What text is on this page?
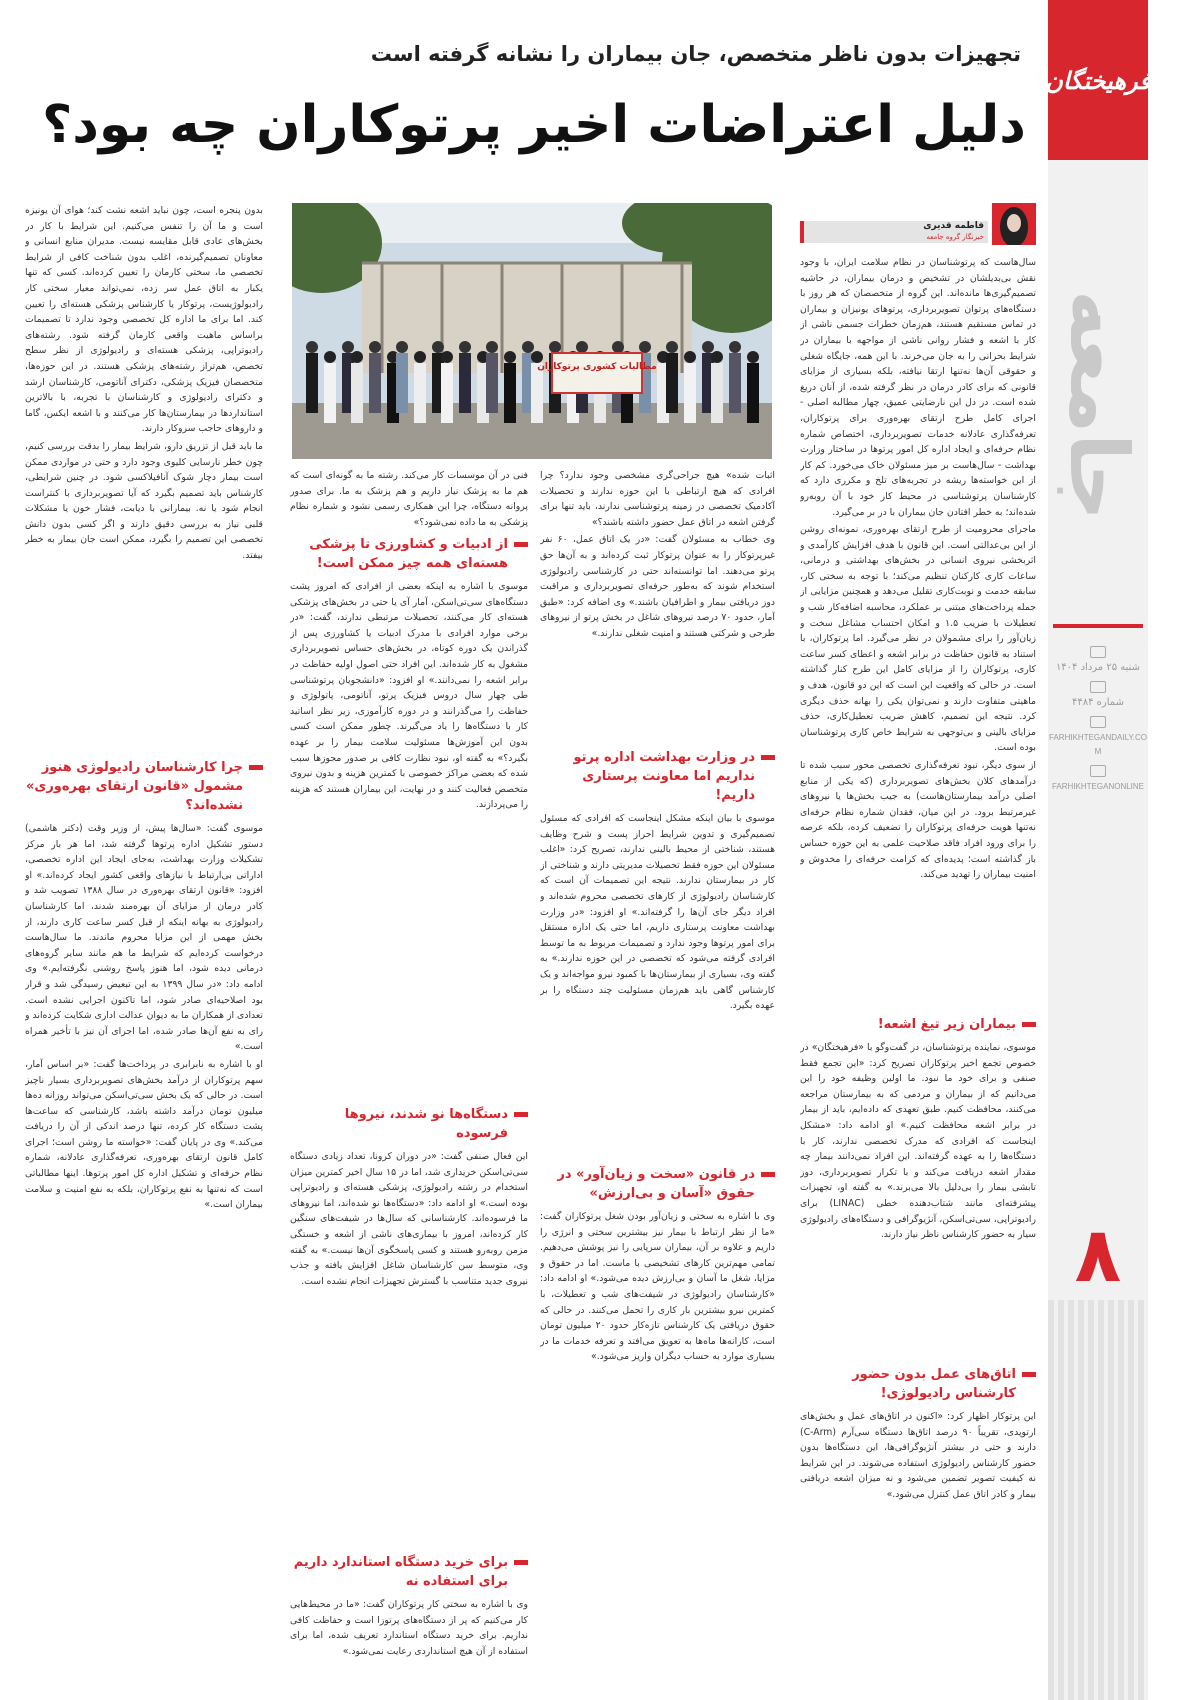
فرهیختگان
جامعه
شنبه ۲۵ مرداد ۱۴۰۴
شماره ۴۴۸۴
FARHIKHTEGANDAILY.COM
FARHIKHTEGANONLINE
۸
تجهیزات بدون ناظر متخصص، جان بیماران را نشانه گرفته است
دلیل اعتراضات اخیر پرتوکاران چه بود؟
مطالبات کشوری پرتوکاران
فاطمه قدیری
خبرنگار گروه جامعه

سال‌هاست که پرتوشناسان در نظام سلامت ایران، با وجود نقش بی‌بدیلشان در تشخیص و درمان بیماران، در حاشیه تصمیم‌گیری‌ها مانده‌اند. این گروه از متخصصان که هر روز با دستگاه‌های پرتوان تصویربرداری، پرتوهای یونیزان و بیماران در تماس مستقیم هستند، هم‌زمان خطرات جسمی ناشی از کار با اشعه و فشار روانی ناشی از مواجهه با بیماران در شرایط بحرانی را به جان می‌خرند. با این همه، جایگاه شغلی و حقوقی آن‌ها نه‌تنها ارتقا نیافته، بلکه بسیاری از مزایای قانونی که برای کادر درمان در نظر گرفته شده، از آنان دریغ شده است. در دل این نارضایتی عمیق، چهار مطالبه اصلی - اجرای کامل طرح ارتقای بهره‌وری برای پرتوکاران، تعرفه‌گذاری عادلانه خدمات تصویربرداری، اختصاص شماره نظام حرفه‌ای و ایجاد اداره کل امور پرتوها در ساختار وزارت بهداشت - سال‌هاست بر میز مسئولان خاک می‌خورد. کم کار از این خواسته‌ها ریشه در تجربه‌های تلخ و مکرری دارد که کارشناسان پرتوشناسی در محیط کار خود با آن روبه‌رو شده‌اند؛ به خطر افتادن جان بیماران با در بر می‌گیرد.

ماجرای محرومیت از طرح ارتقای بهره‌وری، نمونه‌ای روشن از این بی‌عدالتی است. این قانون با هدف افزایش کارآمدی و اثربخشی نیروی انسانی در بخش‌های بهداشتی و درمانی، ساعات کاری کارکنان تنظیم می‌کند؛ با توجه به سختی کار، سابقه خدمت و نوبت‌کاری تقلیل می‌دهد و همچنین مزایایی از جمله پرداخت‌های مبتنی بر عملکرد، محاسبه اضافه‌کار شب و تعطیلات با ضریب ۱.۵ و امکان احتساب مشاغل سخت و زیان‌آور را برای مشمولان در نظر می‌گیرد. اما پرتوکاران، با استناد به قانون حفاظت در برابر اشعه و اعطای کسر ساعت کاری، پرتوکاران را از مزایای کامل این طرح کنار گذاشته است. در حالی که واقعیت این است که این دو قانون، هدف و ماهیتی متفاوت دارند و نمی‌توان یکی را بهانه حذف دیگری کرد. نتیجه این تصمیم، کاهش ضریب تعطیل‌کاری، حذف مزایای بالینی و بی‌توجهی به شرایط خاص کاری پرتوشناسان بوده است.

از سوی دیگر، نبود تعرفه‌گذاری تخصصی محور سبب شده تا درآمدهای کلان بخش‌های تصویربرداری (که یکی از منابع اصلی درآمد بیمارستان‌هاست) به جیب بخش‌ها یا نیروهای غیرمرتبط برود. در این میان، فقدان شماره نظام حرفه‌ای نه‌تنها هویت حرفه‌ای پرتوکاران را تضعیف کرده، بلکه عرصه را برای ورود افراد فاقد صلاحیت علمی به این حوزه حساس باز گذاشته است؛ پدیده‌ای که کرامت حرفه‌ای را مخدوش و امنیت بیماران را تهدید می‌کند.

بیماران زیر تیغ اشعه!

موسوی، نماینده پرتوشناسان، در گفت‌وگو با «فرهیختگان» در خصوص تجمع اخیر پرتوکاران تصریح کرد: «این تجمع فقط صنفی و برای خود ما نبود. ما اولین وظیفه خود را این می‌دانیم که از بیماران و مردمی که به بیمارستان مراجعه می‌کنند، محافظت کنیم. طبق تعهدی که داده‌ایم، باید از بیمار در برابر اشعه محافظت کنیم.» او ادامه داد: «مشکل اینجاست که افرادی که مدرک تخصصی ندارند، کار با دستگاه‌ها را به عهده گرفته‌اند. این افراد نمی‌دانند بیمار چه مقدار اشعه دریافت می‌کند و با تکرار تصویربرداری، دوز تابشی بیمار را بی‌دلیل بالا می‌برند.» به گفته او، تجهیزات پیشرفته‌ای مانند شتاب‌دهنده خطی (LINAC) برای رادیوتراپی، سی‌تی‌اسکن، آنژیوگرافی و دستگاه‌های رادیولوژی سیار به حضور کارشناس ناظر نیاز دارند.

اتاق‌های عمل بدون حضور کارشناس رادیولوژی!

این پرتوکار اظهار کرد: «اکنون در اتاق‌های عمل و بخش‌های ارتوپدی، تقریباً ۹۰ درصد اتاق‌ها دستگاه سی‌آرم (C-Arm) دارند و حتی در بیشتر آنژیوگرافی‌ها، این دستگاه‌ها بدون حضور کارشناس رادیولوژی استفاده می‌شوند. در این شرایط نه کیفیت تصویر تضمین می‌شود و نه میزان اشعه دریافتی بیمار و کادر اتاق عمل کنترل می‌شود.»

اثبات شده» هیچ جراحی‌گری مشخصی وجود ندارد؟ چرا افرادی که هیچ ارتباطی با این حوزه ندارند و تحصیلات آکادمیک تخصصی در زمینه پرتوشناسی ندارند، باید تنها برای گرفتن اشعه در اتاق عمل حضور داشته باشند؟»

وی خطاب به مسئولان گفت: «در یک اتاق عمل، ۶۰ نفر غیرپرتوکار را به عنوان پرتوکار ثبت کرده‌اند و به آن‌ها حق پرتو می‌دهند. اما توانسته‌اند حتی در کارشناسی رادیولوژی استخدام شوند که به‌طور حرفه‌ای تصویربرداری و مراقبت دوز دریافتی بیمار و اطرافیان باشند.» وی اضافه کرد: «طبق آمار، حدود ۷۰ درصد نیروهای شاغل در بخش پرتو از نیروهای طرحی و شرکتی هستند و امنیت شغلی ندارند.»

در وزارت بهداشت اداره پرتو نداریم اما معاونت پرستاری داریم!

موسوی با بیان اینکه مشکل اینجاست که افرادی که مسئول تصمیم‌گیری و تدوین شرایط احراز پست و شرح وظایف هستند، شناختی از محیط بالینی ندارند، تصریح کرد: «اغلب مسئولان این حوزه فقط تحصیلات مدیریتی دارند و شناختی از کار در بیمارستان ندارند. نتیجه این تصمیمات آن است که کارشناسان رادیولوژی از کارهای تخصصی محروم شده‌اند و افراد دیگر جای آن‌ها را گرفته‌اند.» او افزود: «در وزارت بهداشت معاونت پرستاری داریم، اما حتی یک اداره مستقل برای امور پرتوها وجود ندارد و تصمیمات مربوط به ما توسط افرادی گرفته می‌شود که تخصصی در این حوزه ندارند.» به گفته وی، بسیاری از بیمارستان‌ها با کمبود نیرو مواجه‌اند و یک کارشناس گاهی باید هم‌زمان مسئولیت چند دستگاه را بر عهده بگیرد.

در قانون «سخت و زیان‌آور» در حقوق «آسان و بی‌ارزش»

وی با اشاره به سختی و زیان‌آور بودن شغل پرتوکاران گفت: «ما از نظر ارتباط با بیمار نیز بیشترین سختی و انرژی را داریم و علاوه بر آن، بیماران سرپایی را نیز پوشش می‌دهیم. تمامی مهم‌ترین کارهای تشخیصی با ماست. اما در حقوق و مزایا، شغل ما آسان و بی‌ارزش دیده می‌شود.» او ادامه داد: «کارشناسان رادیولوژی در شیفت‌های شب و تعطیلات، با کمترین نیرو بیشترین بار کاری را تحمل می‌کنند. در حالی که حقوق دریافتی یک کارشناس تازه‌کار حدود ۲۰ میلیون تومان است، کارانه‌ها ماه‌ها به تعویق می‌افتد و تعرفه خدمات ما در بسیاری موارد به حساب دیگران واریز می‌شود.»

فنی در آن موسسات کار می‌کند. رشته ما به گونه‌ای است که هم ما به پزشک نیاز داریم و هم پزشک به ما. برای صدور پروانه دستگاه، چرا این همکاری رسمی نشود و شماره نظام پزشکی به ما داده نمی‌شود؟»

از ادبیات و کشاورزی تا پزشکی هسته‌ای همه چیز ممکن است!

موسوی با اشاره به اینکه بعضی از افرادی که امروز پشت دستگاه‌های سی‌تی‌اسکن، آمار آی یا حتی در بخش‌های پزشکی هسته‌ای کار می‌کنند، تحصیلات مرتبطی ندارند، گفت: «در برخی موارد افرادی با مدرک ادبیات یا کشاورزی پس از گذراندن یک دوره کوتاه، در بخش‌های حساس تصویربرداری مشغول به کار شده‌اند. این افراد حتی اصول اولیه حفاظت در برابر اشعه را نمی‌دانند.» او افزود: «دانشجویان پرتوشناسی طی چهار سال دروس فیزیک پرتو، آناتومی، پاتولوژی و حفاظت را می‌گذرانند و در دوره کارآموزی، زیر نظر اساتید کار با دستگاه‌ها را یاد می‌گیرند. چطور ممکن است کسی بدون این آموزش‌ها مسئولیت سلامت بیمار را بر عهده بگیرد؟» به گفته او، نبود نظارت کافی بر صدور مجوزها سبب شده که بعضی مراکز خصوصی با کمترین هزینه و بدون نیروی متخصص فعالیت کنند و در نهایت، این بیماران هستند که هزینه را می‌پردازند.

دستگاه‌ها نو شدند، نیروها فرسوده

این فعال صنفی گفت: «در دوران کرونا، تعداد زیادی دستگاه سی‌تی‌اسکن خریداری شد، اما در ۱۵ سال اخیر کمترین میزان استخدام در رشته رادیولوژی، پزشکی هسته‌ای و رادیوتراپی بوده است.» او ادامه داد: «دستگاه‌ها نو شده‌اند، اما نیروهای ما فرسوده‌اند. کارشناسانی که سال‌ها در شیفت‌های سنگین کار کرده‌اند، امروز با بیماری‌های ناشی از اشعه و خستگی مزمن روبه‌رو هستند و کسی پاسخگوی آن‌ها نیست.» به گفته وی، متوسط سن کارشناسان شاغل افزایش یافته و جذب نیروی جدید متناسب با گسترش تجهیزات انجام نشده است.

برای خرید دستگاه استاندارد داریم برای استفاده نه

وی با اشاره به سختی کار پرتوکاران گفت: «ما در محیط‌هایی کار می‌کنیم که پر از دستگاه‌های پرتوزا است و حفاظت کافی نداریم. برای خرید دستگاه استاندارد تعریف شده، اما برای استفاده از آن هیچ استانداردی رعایت نمی‌شود.»

بدون پنجره است، چون نباید اشعه نشت کند؛ هوای آن یونیزه است و ما آن را تنفس می‌کنیم. این شرایط با کار در بخش‌های عادی قابل مقایسه نیست. مدیران منابع انسانی و معاونان تصمیم‌گیرنده، اغلب بدون شناخت کافی از شرایط تخصصی ما، سختی کارمان را تعیین کرده‌اند. کسی که تنها یکبار به اتاق عمل سر زده، نمی‌تواند معیار سختی کار رادیولوژیست، پرتوکار یا کارشناس پزشکی هسته‌ای را تعیین کند. اما برای ما اداره کل تخصصی وجود ندارد تا تصمیمات براساس ماهیت واقعی کارمان گرفته شود. رشته‌های رادیوتراپی، پزشکی هسته‌ای و رادیولوژی از نظر سطح تخصص، هم‌تراز رشته‌های پزشکی هستند. در این حوزه‌ها، متخصصان فیزیک پزشکی، دکترای آناتومی، کارشناسان ارشد و دکترای رادیولوژی و کارشناسان با تجربه، با بالاترین استانداردها در بیمارستان‌ها کار می‌کنند و با اشعه ایکس، گاما و داروهای حاجب سروکار دارند.

ما باید قبل از تزریق دارو، شرایط بیمار را بدقت بررسی کنیم، چون خطر نارسایی کلیوی وجود دارد و حتی در مواردی ممکن است بیمار دچار شوک آنافیلاکسی شود. در چنین شرایطی، کارشناس باید تصمیم بگیرد که آیا تصویربرداری با کنتراست انجام شود یا نه. بیمارانی با دیابت، فشار خون یا مشکلات قلبی نیاز به بررسی دقیق دارند و اگر کسی بدون دانش تخصصی این تصمیم را بگیرد، ممکن است جان بیمار به خطر بیفتد.

چرا کارشناسان رادیولوژی هنوز مشمول «قانون ارتقای بهره‌وری» نشده‌اند؟

موسوی گفت: «سال‌ها پیش، از وزیر وقت (دکتر هاشمی) دستور تشکیل اداره پرتوها گرفته شد، اما هر بار مرکز تشکیلات وزارت بهداشت، به‌جای ایجاد این اداره تخصصی، اداراتی بی‌ارتباط با نیازهای واقعی کشور ایجاد کرده‌اند.» او افزود: «قانون ارتقای بهره‌وری در سال ۱۳۸۸ تصویب شد و کادر درمان از مزایای آن بهره‌مند شدند، اما کارشناسان رادیولوژی به بهانه اینکه از قبل کسر ساعت کاری دارند، از بخش مهمی از این مزایا محروم ماندند. ما سال‌هاست درخواست کرده‌ایم که شرایط ما هم مانند سایر گروه‌های درمانی دیده شود، اما هنوز پاسخ روشنی نگرفته‌ایم.» وی ادامه داد: «در سال ۱۳۹۹ به این تبعیض رسیدگی شد و قرار بود اصلاحیه‌ای صادر شود، اما تاکنون اجرایی نشده است. تعدادی از همکاران ما به دیوان عدالت اداری شکایت کرده‌اند و رای به نفع آن‌ها صادر شده، اما اجرای آن نیز با تأخیر همراه است.»

او با اشاره به نابرابری در پرداخت‌ها گفت: «بر اساس آمار، سهم پرتوکاران از درآمد بخش‌های تصویربرداری بسیار ناچیز است. در حالی که یک بخش سی‌تی‌اسکن می‌تواند روزانه ده‌ها میلیون تومان درآمد داشته باشد، کارشناسی که ساعت‌ها پشت دستگاه کار کرده، تنها درصد اندکی از آن را دریافت می‌کند.» وی در پایان گفت: «خواسته ما روشن است؛ اجرای کامل قانون ارتقای بهره‌وری، تعرفه‌گذاری عادلانه، شماره نظام حرفه‌ای و تشکیل اداره کل امور پرتوها. اینها مطالباتی است که نه‌تنها به نفع پرتوکاران، بلکه به نفع امنیت و سلامت بیماران است.»
